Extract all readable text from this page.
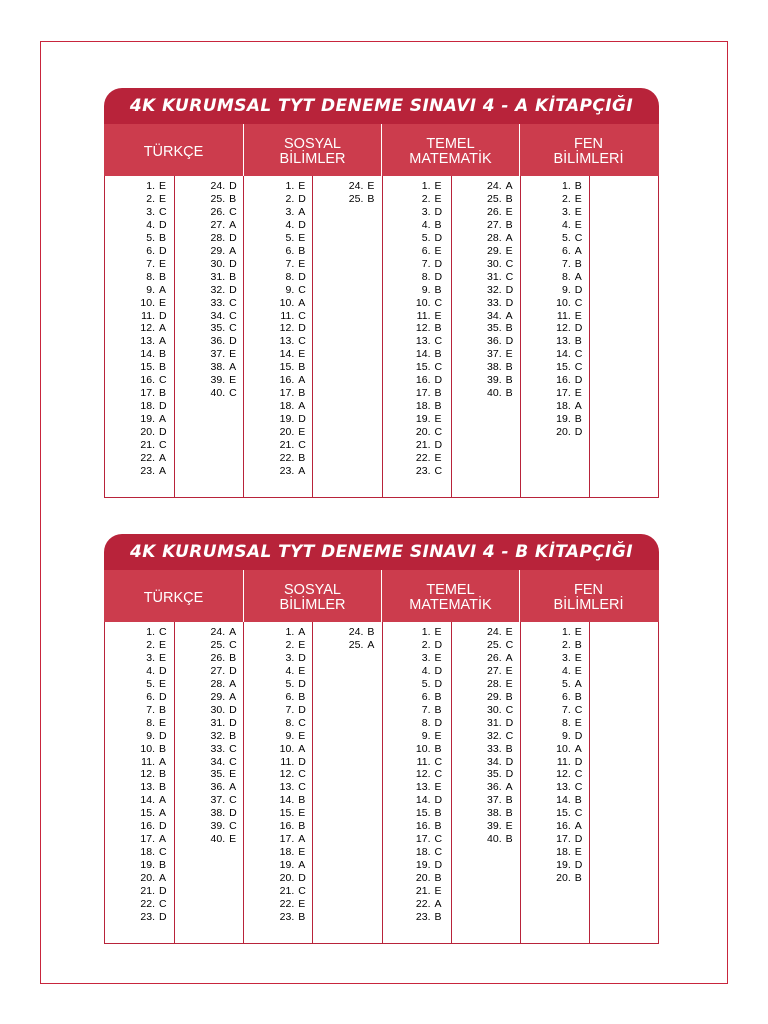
4K KURUMSAL TYT DENEME SINAVI 4 - A KİTAPÇIĞI
TÜRKÇE	SOSYAL
BİLİMLER
TEMEL
MATEMATİK
FEN
BİLİMLERİ
1. E
2. E
3. C
4. D
5. B
6. D
7. E
8. B
9. A
10. E
11. D
12. A
13. A
14. B
15. B
16. C
17. B
18. D
19. A
20. D
21. C
22. A
23. A
24. D
25. B
26. C
27. A
28. D
29. A
30. D
31. B
32. D
33. C
34. C
35. C
36. D
37. E
38. A
39. E
40. C
1. E
2. D
3. A
4. D
5. E
6. B
7. E
8. D
9. C
10. A
11. C
12. D
13. C
14. E
15. B
16. A
17. B
18. A
19. D
20. E
21. C
22. B
23. A
24. E
25. B
1. E
2. E
3. D
4. B
5. D
6. E
7. D
8. D
9. B
10. C
11. E
12. B
13. C
14. B
15. C
16. D
17. B
18. B
19. E
20. C
21. D
22. E
23. C
24. A
25. B
26. E
27. B
28. A
29. E
30. C
31. C
32. D
33. D
34. A
35. B
36. D
37. E
38. B
39. B
40. B
1. B
2. E
3. E
4. E
5. C
6. A
7. B
8. A
9. D
10. C
11. E
12. D
13. B
14. C
15. C
16. D
17. E
18. A
19. B
20. D
4K KURUMSAL TYT DENEME SINAVI 4 - B KİTAPÇIĞI
TÜRKÇE	SOSYAL
BİLİMLER
TEMEL
MATEMATİK
FEN
BİLİMLERİ
1. C
2. E
3. E
4. D
5. E
6. D
7. B
8. E
9. D
10. B
11. A
12. B
13. B
14. A
15. A
16. D
17. A
18. C
19. B
20. A
21. D
22. C
23. D
24. A
25. C
26. B
27. D
28. A
29. A
30. D
31. D
32. B
33. C
34. C
35. E
36. A
37. C
38. D
39. C
40. E
1. A
2. E
3. D
4. E
5. D
6. B
7. D
8. C
9. E
10. A
11. D
12. C
13. C
14. B
15. E
16. B
17. A
18. E
19. A
20. D
21. C
22. E
23. B
24. B
25. A
1. E
2. D
3. E
4. D
5. D
6. B
7. B
8. D
9. E
10. B
11. C
12. C
13. E
14. D
15. B
16. B
17. C
18. C
19. D
20. B
21. E
22. A
23. B
24. E
25. C
26. A
27. E
28. E
29. B
30. C
31. D
32. C
33. B
34. D
35. D
36. A
37. B
38. B
39. E
40. B
1. E
2. B
3. E
4. E
5. A
6. B
7. C
8. E
9. D
10. A
11. D
12. C
13. C
14. B
15. C
16. A
17. D
18. E
19. D
20. B
